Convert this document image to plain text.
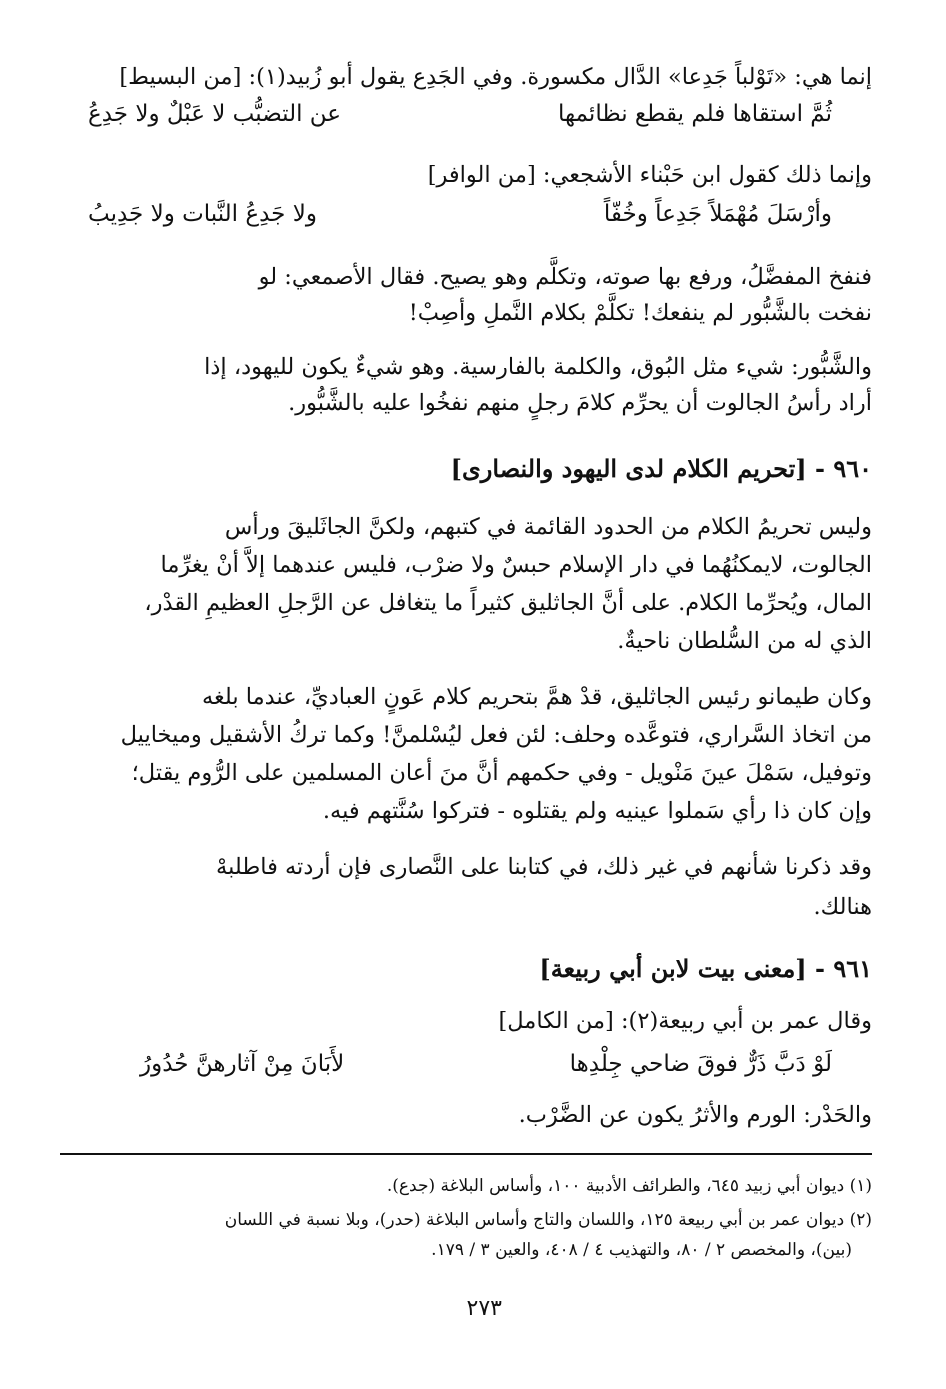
إنما هي: «تَوْلباً جَدِعا» الدَّال مكسورة. وفي الجَدِع يقول أبو زُبيد(١): [من البسيط]
ثُمَّ استقاها فلم يقطع نظائمها
عن التضبُّب لا عَبْلٌ ولا جَدِعُ
وإنما ذلك كقول ابن حَبْناء الأشجعي: [من الوافر]
وأرْسَلَ مُهْمَلاً جَدِعاً وخُفّاً
ولا جَدِعُ النَّبات ولا جَدِيبُ
فنفخ المفضَّلُ، ورفع بها صوته، وتكلَّم وهو يصيح. فقال الأصمعي: لو
نفخت بالشَّبُّور لم ينفعك! تكلَّمْ بكلام النَّملِ وأصِبْ!
والشَّبُّور: شيء مثل البُوق، والكلمة بالفارسية. وهو شيءٌ يكون لليهود، إذا
أراد رأسُ الجالوت أن يحرِّم كلامَ رجلٍ منهم نفخُوا عليه بالشَّبُّور.
٩٦٠ - [تحريم الكلام لدى اليهود والنصارى]
وليس تحريمُ الكلام من الحدود القائمة في كتبهم، ولكنَّ الجاثَليقَ ورأس
الجالوت، لايمكنُهُما في دار الإسلام حبسٌ ولا ضرْب، فليس عندهما إلاَّ أنْ يغرِّما
المال، ويُحرِّما الكلام. على أنَّ الجاثليق كثيراً ما يتغافل عن الرَّجلِ العظيمِ القدْر،
الذي له من السُّلطان ناحيةٌ.
وكان طيمانو رئيس الجاثليق، قدْ همَّ بتحريم كلام عَونٍ العباديِّ، عندما بلغه
من اتخاذ السَّراري، فتوعَّده وحلف: لئن فعل ليُسْلمنَّ! وكما تركُ الأشقيل وميخاييل
وتوفيل، سَمْلَ عينَ مَنْويل - وفي حكمهم أنَّ منَ أعان المسلمين على الرُّوم يقتل؛
وإن كان ذا رأي سَملوا عينيه ولم يقتلوه - فتركوا سُنَّتهم فيه.
وقد ذكرنا شأنهم في غير ذلك، في كتابنا على النَّصارى فإن أردته فاطلبهْ
هنالك.
٩٦١ - [معنى بيت لابن أبي ربيعة]
وقال عمر بن أبي ربيعة(٢): [من الكامل]
لَوْ دَبَّ ذَرٌّ فوقَ ضاحي جِلْدِها
لأَبَانَ مِنْ آثارهنَّ حُدُورُ
والحَدْر: الورم والأثرُ يكون عن الضَّرْب.
(١) ديوان أبي زبيد ٦٤٥، والطرائف الأدبية ١٠٠، وأساس البلاغة (جدع).
(٢) ديوان عمر بن أبي ربيعة ١٢٥، واللسان والتاج وأساس البلاغة (حدر)، وبلا نسبة في اللسان
(بين)، والمخصص ٢ / ٨٠، والتهذيب ٤ / ٤٠٨، والعين ٣ / ١٧٩.
٢٧٣
